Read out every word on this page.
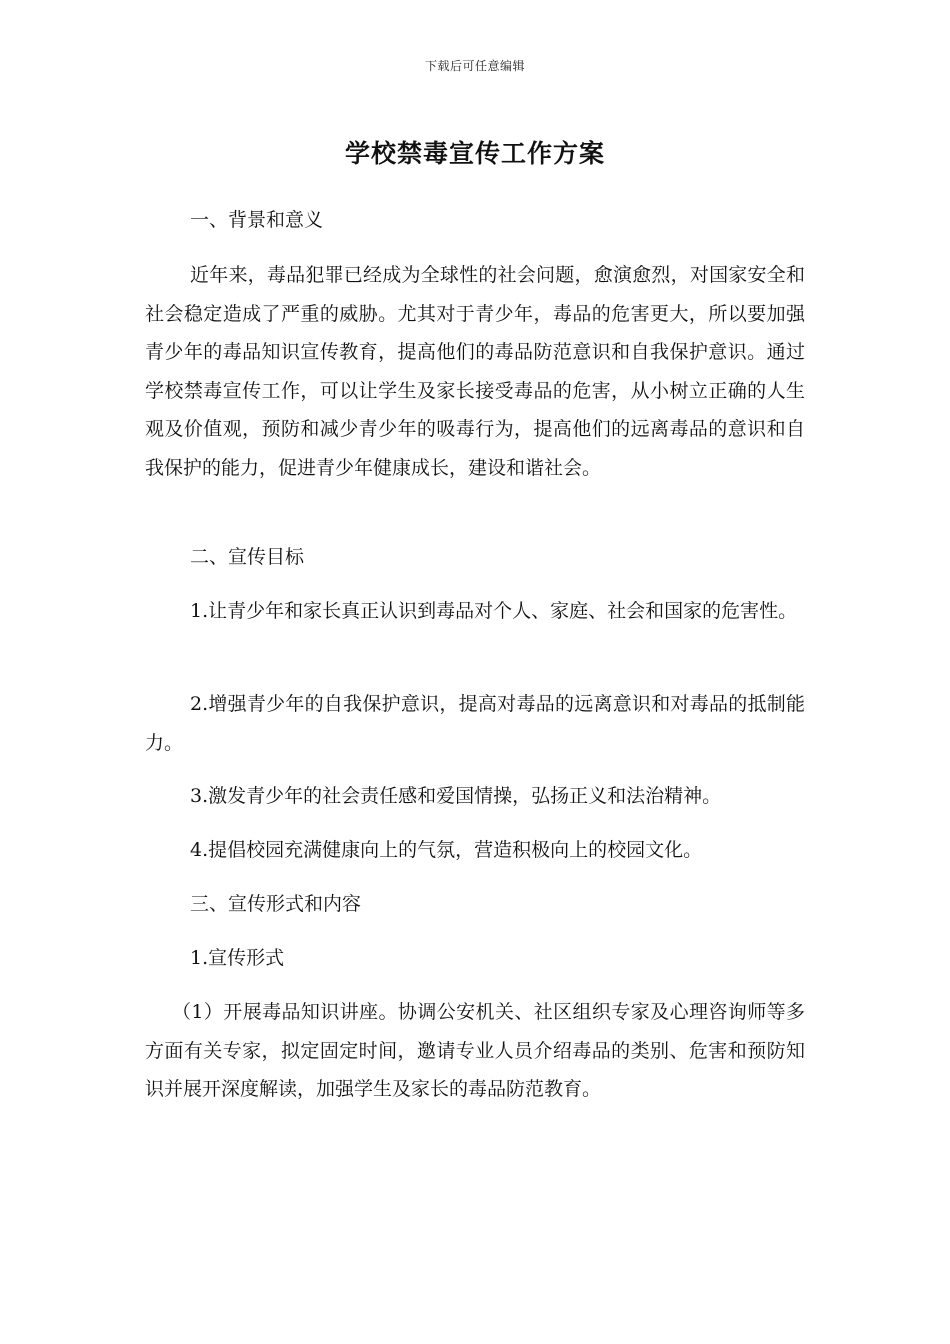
下载后可任意编辑
学校禁毒宣传工作方案

一、背景和意义

近年来，毒品犯罪已经成为全球性的社会问题，愈演愈烈，对国家安全和社会稳定造成了严重的威胁。尤其对于青少年，毒品的危害更大，所以要加强青少年的毒品知识宣传教育，提高他们的毒品防范意识和自我保护意识。通过学校禁毒宣传工作，可以让学生及家长接受毒品的危害，从小树立正确的人生观及价值观，预防和减少青少年的吸毒行为，提高他们的远离毒品的意识和自我保护的能力，促进青少年健康成长，建设和谐社会。

二、宣传目标

1.让青少年和家长真正认识到毒品对个人、家庭、社会和国家的危害性。

2.增强青少年的自我保护意识，提高对毒品的远离意识和对毒品的抵制能力。

3.激发青少年的社会责任感和爱国情操，弘扬正义和法治精神。

4.提倡校园充满健康向上的气氛，营造积极向上的校园文化。

三、宣传形式和内容

1.宣传形式

（1）开展毒品知识讲座。协调公安机关、社区组织专家及心理咨询师等多方面有关专家，拟定固定时间，邀请专业人员介绍毒品的类别、危害和预防知识并展开深度解读，加强学生及家长的毒品防范教育。
